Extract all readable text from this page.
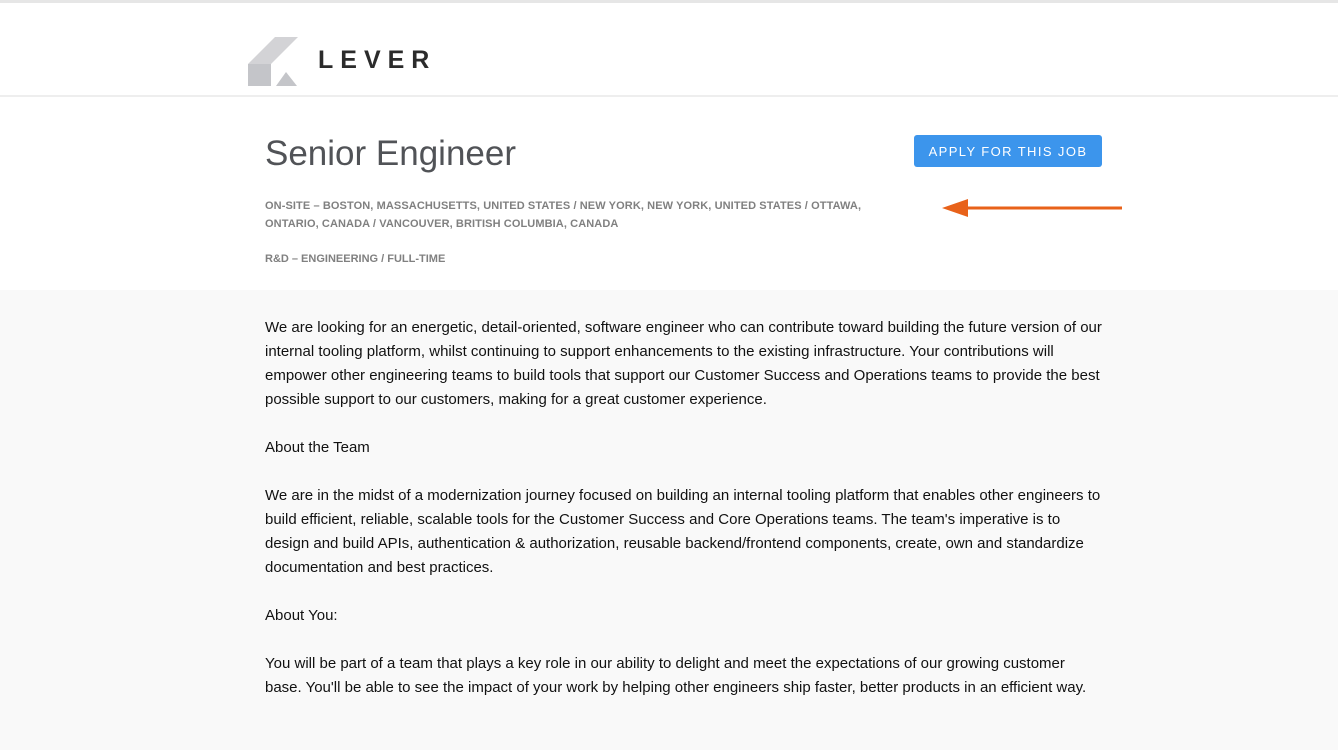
LEVER
Senior Engineer	APPLY FOR THIS JOB
ON-SITE – BOSTON, MASSACHUSETTS, UNITED STATES / NEW YORK, NEW YORK, UNITED STATES / OTTAWA,
ONTARIO, CANADA / VANCOUVER, BRITISH COLUMBIA, CANADA
R&D – ENGINEERING / FULL-TIME

We are looking for an energetic, detail-oriented, software engineer who can contribute toward building the future version of our internal tooling platform, whilst continuing to support enhancements to the existing infrastructure. Your contributions will empower other engineering teams to build tools that support our Customer Success and Operations teams to provide the best possible support to our customers, making for a great customer experience.

About the Team

We are in the midst of a modernization journey focused on building an internal tooling platform that enables other engineers to build efficient, reliable, scalable tools for the Customer Success and Core Operations teams. The team's imperative is to design and build APIs, authentication & authorization, reusable backend/frontend components, create, own and standardize documentation and best practices.

About You:

You will be part of a team that plays a key role in our ability to delight and meet the expectations of our growing customer base. You'll be able to see the impact of your work by helping other engineers ship faster, better products in an efficient way.
